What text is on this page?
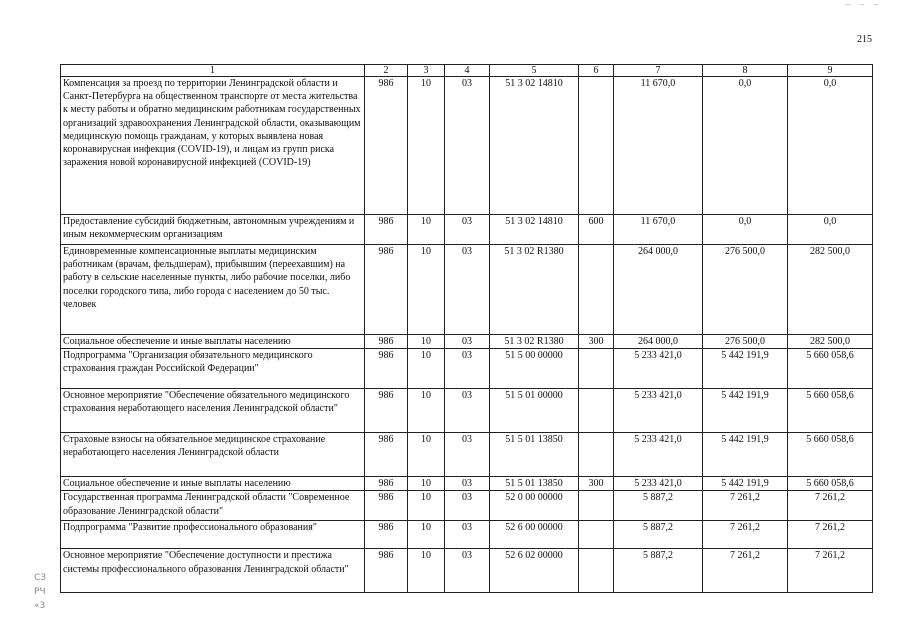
215
1	2	3	4	5	6	7	8	9
Компенсация за проезд по территории Ленинградской области и Санкт-Петербурга на общественном транспорте от места жительства к месту работы и обратно медицинским работникам государственных организаций здравоохранения Ленинградской области, оказывающим медицинскую помощь гражданам, у которых выявлена новая коронавирусная инфекция (COVID-19), и лицам из групп риска заражения новой коронавирусной инфекцией (COVID-19)	986	10	03	51 3 02 14810		11 670,0	0,0	0,0
Предоставление субсидий бюджетным, автономным учреждениям и иным некоммерческим организациям	986	10	03	51 3 02 14810	600	11 670,0	0,0	0,0
Единовременные компенсационные выплаты медицинским работникам (врачам, фельдшерам), прибывшим (переехавшим) на работу в сельские населенные пункты, либо рабочие поселки, либо поселки городского типа, либо города с населением до 50 тыс. человек	986	10	03	51 3 02 R1380		264 000,0	276 500,0	282 500,0
Социальное обеспечение и иные выплаты населению	986	10	03	51 3 02 R1380	300	264 000,0	276 500,0	282 500,0
Подпрограмма "Организация обязательного медицинского страхования граждан Российской Федерации"	986	10	03	51 5 00 00000		5 233 421,0	5 442 191,9	5 660 058,6
Основное мероприятие "Обеспечение обязательного медицинского страхования неработающего населения Ленинградской области"	986	10	03	51 5 01 00000		5 233 421,0	5 442 191,9	5 660 058,6
Страховые взносы на обязательное медицинское страхование неработающего населения Ленинградской области	986	10	03	51 5 01 13850		5 233 421,0	5 442 191,9	5 660 058,6
Социальное обеспечение и иные выплаты населению	986	10	03	51 5 01 13850	300	5 233 421,0	5 442 191,9	5 660 058,6
Государственная программа Ленинградской области "Современное образование Ленинградской области"	986	10	03	52 0 00 00000		5 887,2	7 261,2	7 261,2
Подпрограмма "Развитие профессионального образования"	986	10	03	52 6 00 00000		5 887,2	7 261,2	7 261,2
Основное мероприятие "Обеспечение доступности и престижа системы профессионального образования Ленинградской области"	986	10	03	52 6 02 00000		5 887,2	7 261,2	7 261,2
СЗ
РЧ
«3
